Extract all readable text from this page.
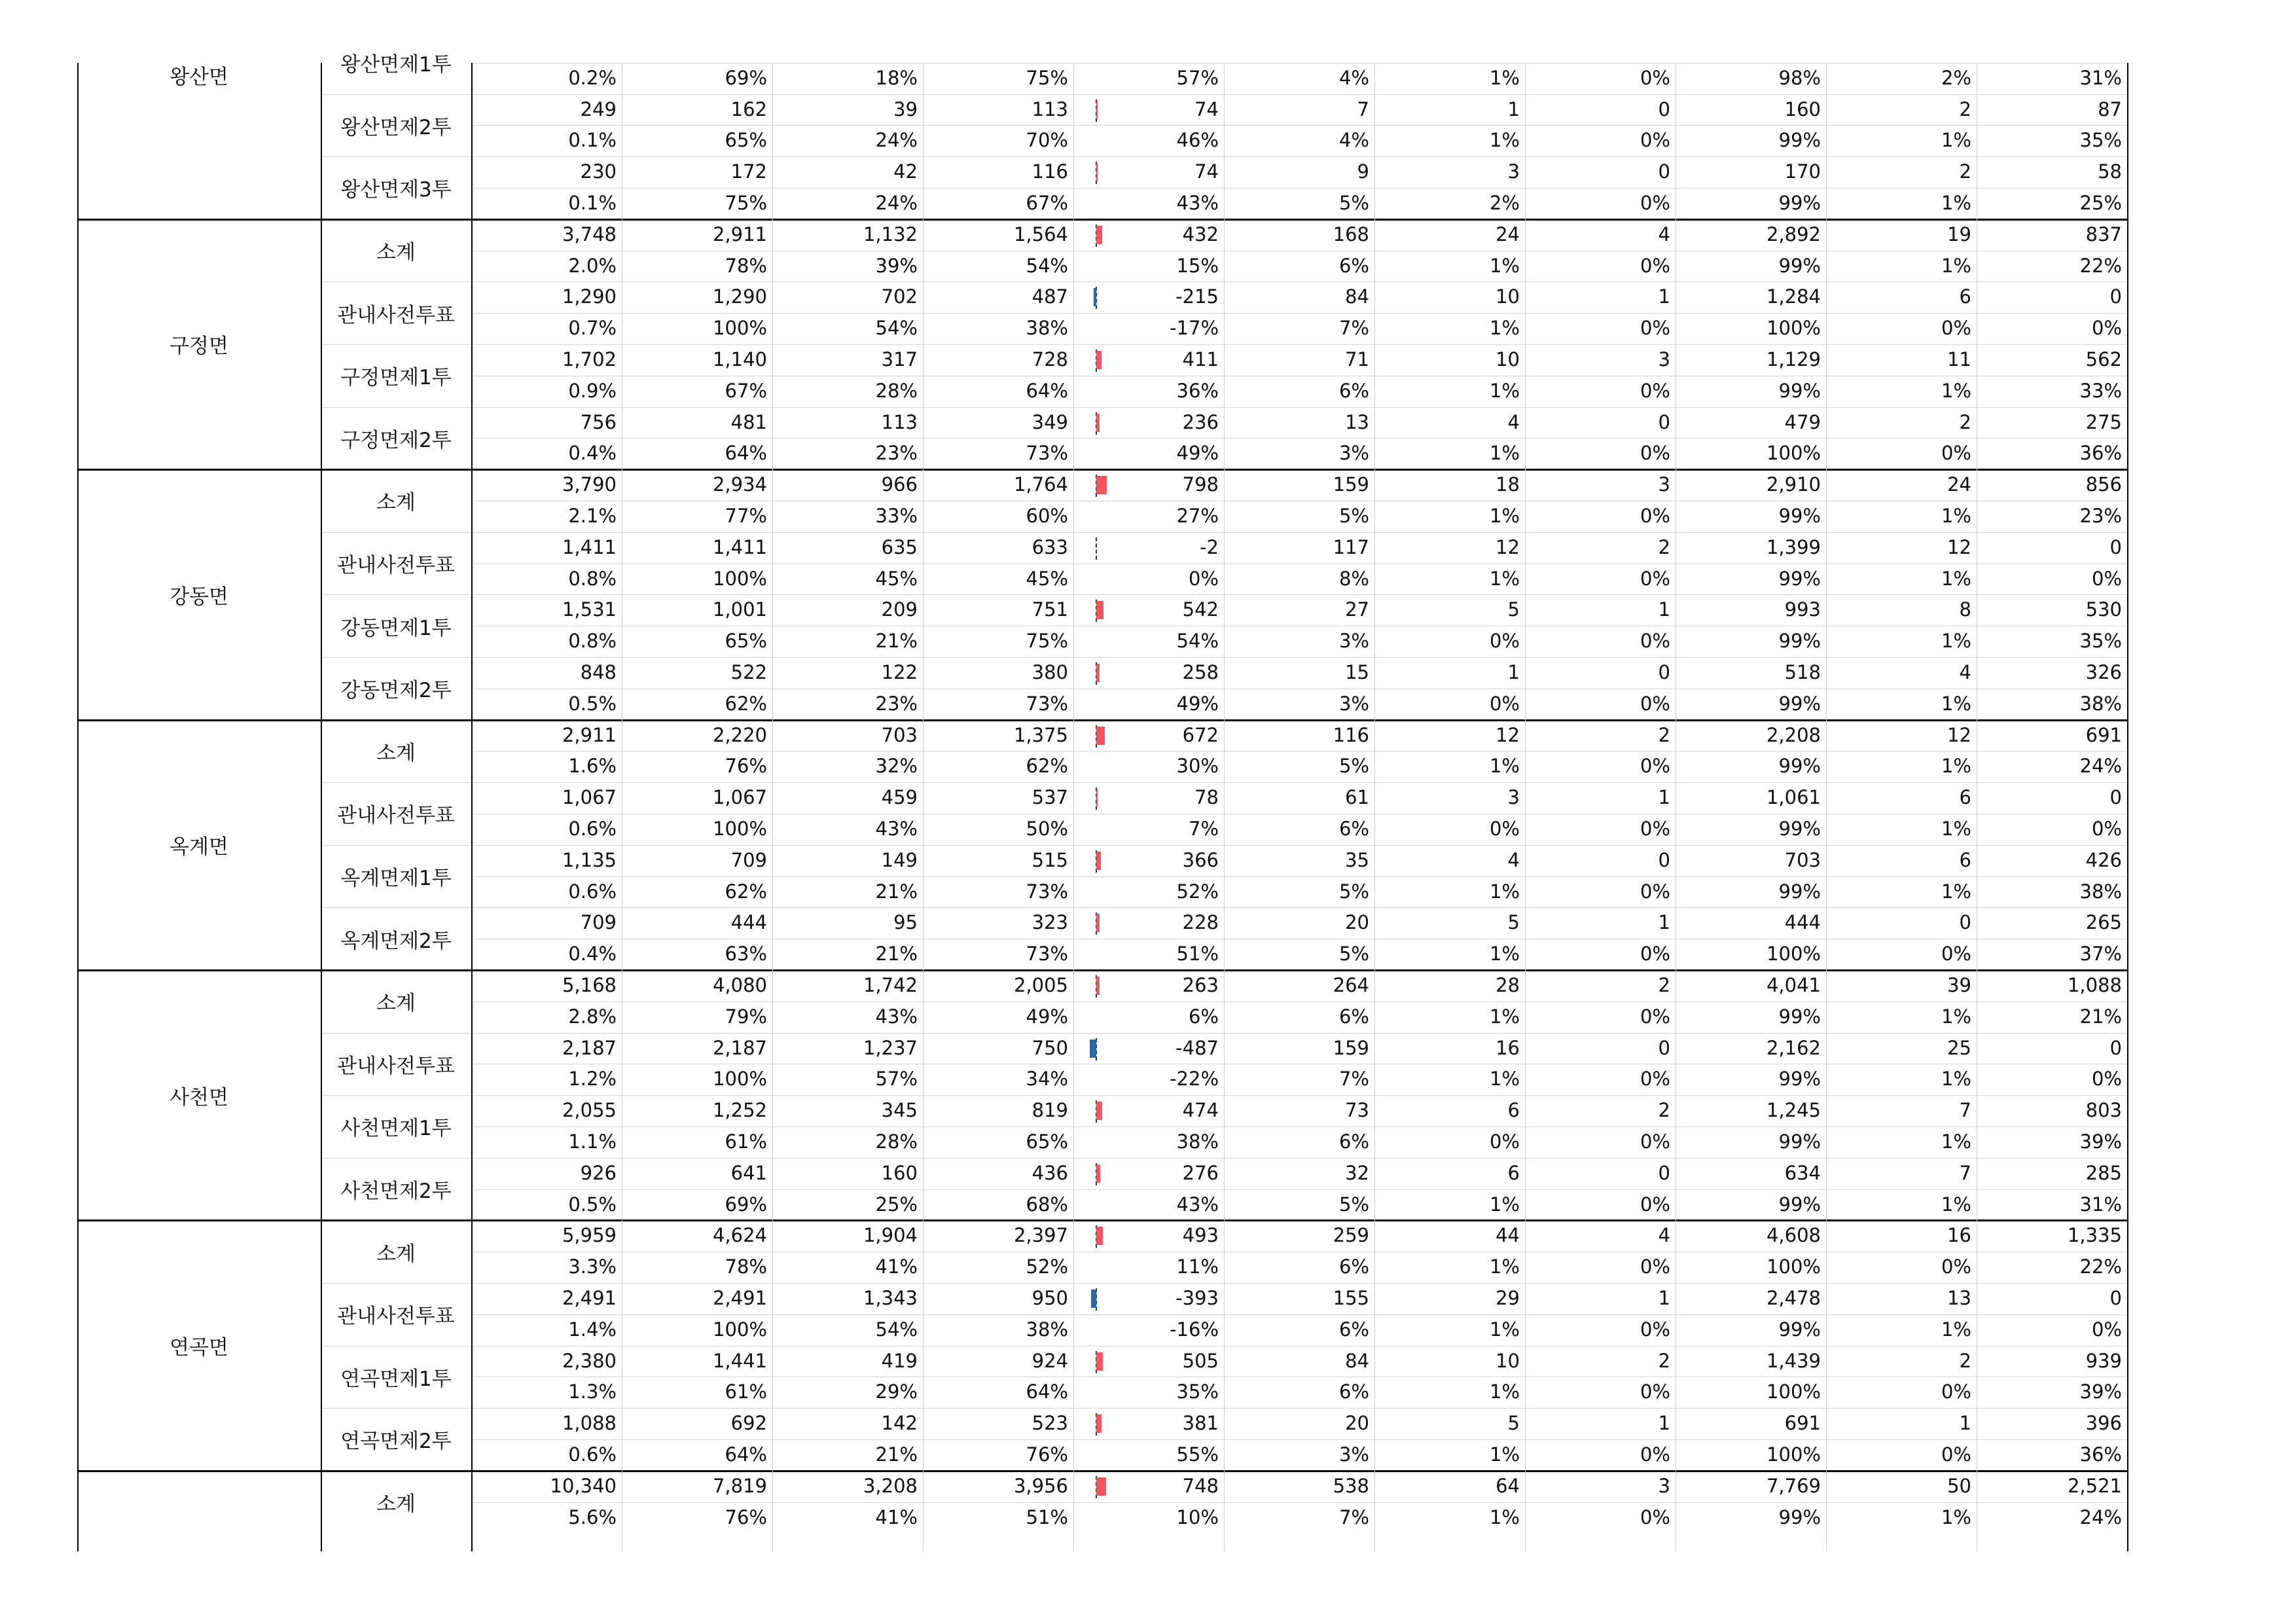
왕산면제1투
0.2%	69%	18%	75%	57%	4%	1%	0%	98%	2%	31%
왕산면제2투
249	162	39	113	74	7	1	0	160	2	87
0.1%	65%	24%	70%	46%	4%	1%	0%	99%	1%	35%
왕산면제3투
230	172	42	116	74	9	3	0	170	2	58
0.1%	75%	24%	67%	43%	5%	2%	0%	99%	1%	25%
왕산면
소계
3,748	2,911	1,132	1,564	432	168	24	4	2,892	19	837
2.0%	78%	39%	54%	15%	6%	1%	0%	99%	1%	22%
관내사전투표
1,290	1,290	702	487	-215	84	10	1	1,284	6	0
0.7%	100%	54%	38%	-17%	7%	1%	0%	100%	0%	0%
구정면제1투
1,702	1,140	317	728	411	71	10	3	1,129	11	562
0.9%	67%	28%	64%	36%	6%	1%	0%	99%	1%	33%
구정면제2투
756	481	113	349	236	13	4	0	479	2	275
0.4%	64%	23%	73%	49%	3%	1%	0%	100%	0%	36%
구정면
소계
3,790	2,934	966	1,764	798	159	18	3	2,910	24	856
2.1%	77%	33%	60%	27%	5%	1%	0%	99%	1%	23%
관내사전투표
1,411	1,411	635	633	-2	117	12	2	1,399	12	0
0.8%	100%	45%	45%	0%	8%	1%	0%	99%	1%	0%
강동면제1투
1,531	1,001	209	751	542	27	5	1	993	8	530
0.8%	65%	21%	75%	54%	3%	0%	0%	99%	1%	35%
강동면제2투
848	522	122	380	258	15	1	0	518	4	326
0.5%	62%	23%	73%	49%	3%	0%	0%	99%	1%	38%
강동면
소계
2,911	2,220	703	1,375	672	116	12	2	2,208	12	691
1.6%	76%	32%	62%	30%	5%	1%	0%	99%	1%	24%
관내사전투표
1,067	1,067	459	537	78	61	3	1	1,061	6	0
0.6%	100%	43%	50%	7%	6%	0%	0%	99%	1%	0%
옥계면제1투
1,135	709	149	515	366	35	4	0	703	6	426
0.6%	62%	21%	73%	52%	5%	1%	0%	99%	1%	38%
옥계면제2투
709	444	95	323	228	20	5	1	444	0	265
0.4%	63%	21%	73%	51%	5%	1%	0%	100%	0%	37%
옥계면
소계
5,168	4,080	1,742	2,005	263	264	28	2	4,041	39	1,088
2.8%	79%	43%	49%	6%	6%	1%	0%	99%	1%	21%
관내사전투표
2,187	2,187	1,237	750	-487	159	16	0	2,162	25	0
1.2%	100%	57%	34%	-22%	7%	1%	0%	99%	1%	0%
사천면제1투
2,055	1,252	345	819	474	73	6	2	1,245	7	803
1.1%	61%	28%	65%	38%	6%	0%	0%	99%	1%	39%
사천면제2투
926	641	160	436	276	32	6	0	634	7	285
0.5%	69%	25%	68%	43%	5%	1%	0%	99%	1%	31%
사천면
소계
5,959	4,624	1,904	2,397	493	259	44	4	4,608	16	1,335
3.3%	78%	41%	52%	11%	6%	1%	0%	100%	0%	22%
관내사전투표
2,491	2,491	1,343	950	-393	155	29	1	2,478	13	0
1.4%	100%	54%	38%	-16%	6%	1%	0%	99%	1%	0%
연곡면제1투
2,380	1,441	419	924	505	84	10	2	1,439	2	939
1.3%	61%	29%	64%	35%	6%	1%	0%	100%	0%	39%
연곡면제2투
1,088	692	142	523	381	20	5	1	691	1	396
0.6%	64%	21%	76%	55%	3%	1%	0%	100%	0%	36%
연곡면
소계
10,340	7,819	3,208	3,956	748	538	64	3	7,769	50	2,521
5.6%	76%	41%	51%	10%	7%	1%	0%	99%	1%	24%
